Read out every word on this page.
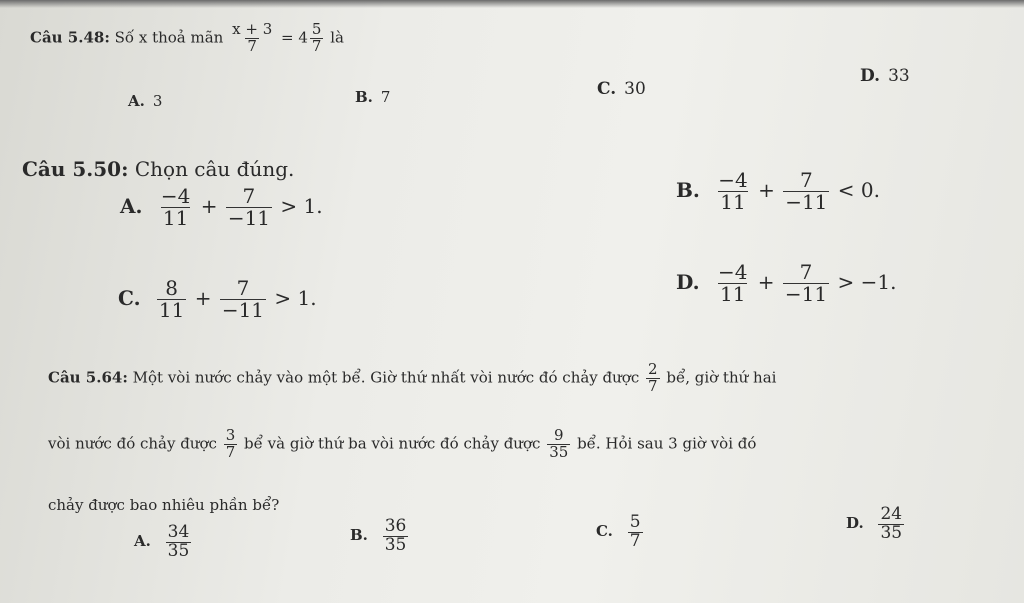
Câu 5.48: Số x thoả mãn $\frac{x + 3}{7} = 4 \frac{5}{7}$ là
A. 3	B. 7	C. 30
D. 33
Câu 5.50: Chọn câu đúng.
A. $\frac{-4}{11} + \frac{7}{-11} > 1$.
B. $\frac{-4}{11} + \frac{7}{-11} < 0$.
C. $\frac{8}{11} + \frac{7}{-11} > 1$.
D. $\frac{-4}{11} + \frac{7}{-11} > -1$.
Câu 5.64: Một vòi nước chảy vào một bể. Giờ thứ nhất vòi nước đó chảy được $\frac{2}{7}$ bể, giờ thứ hai
vòi nước đó chảy được $\frac{3}{7}$ bể và giờ thứ ba vòi nước đó chảy được $\frac{9}{35}$ bể. Hỏi sau 3 giờ vòi đó
chảy được bao nhiêu phần bể?
A. $\frac{34}{35}$	B. $\frac{36}{35}$	C. $\frac{5}{7}$	D. $\frac{24}{35}$
